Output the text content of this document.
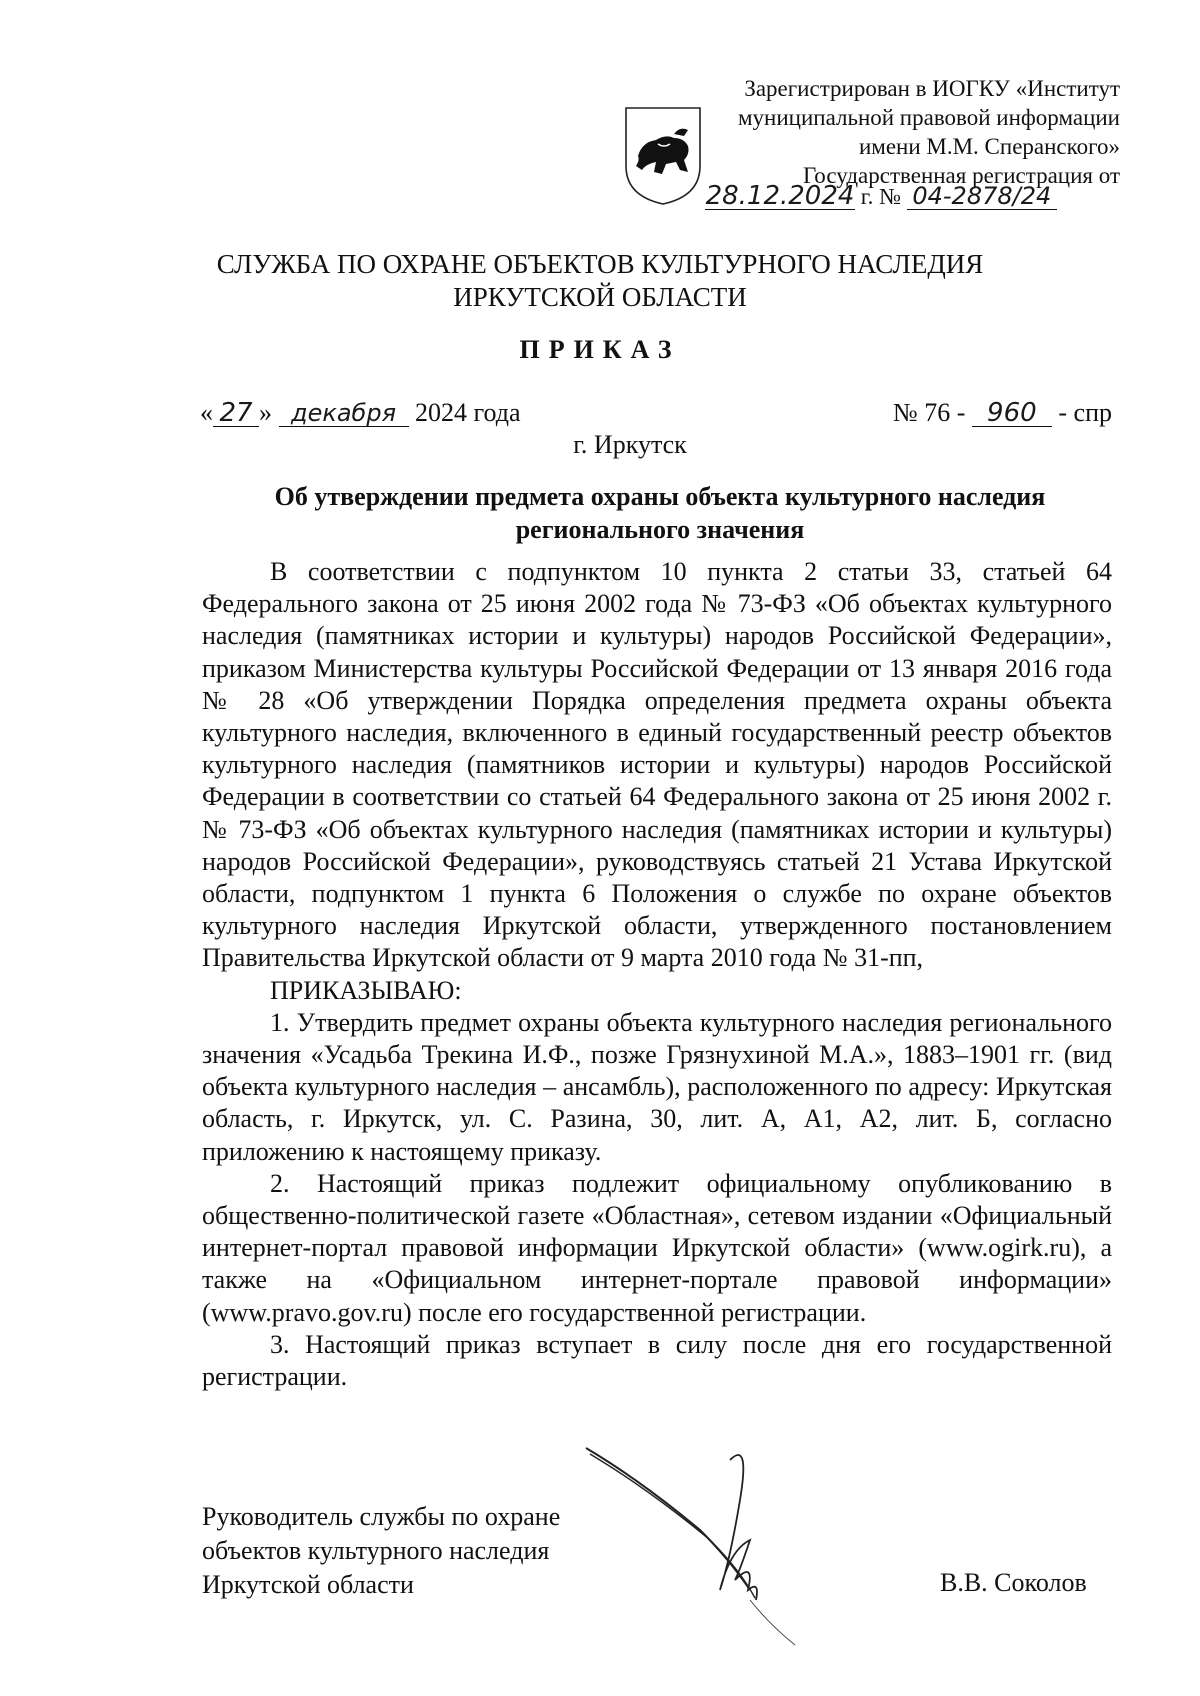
Зарегистрирован в ИОГКУ «Институт
муниципальной правовой информации
имени М.М. Сперанского»
Государственная регистрация от
28.12.2024 г. № 04-2878/24
СЛУЖБА ПО ОХРАНЕ ОБЪЕКТОВ КУЛЬТУРНОГО НАСЛЕДИЯ
ИРКУТСКОЙ ОБЛАСТИ
ПРИКАЗ
« 27 » декабря 2024 года	№ 76 - 960 - спр
г. Иркутск
Об утверждении предмета охраны объекта культурного наследия
регионального значения

В соответствии с подпунктом 10 пункта 2 статьи 33, статьей 64 Федерального закона от 25 июня 2002 года № 73-ФЗ «Об объектах культурного наследия (памятниках истории и культуры) народов Российской Федерации», приказом Министерства культуры Российской Федерации от 13 января 2016 года № 28 «Об утверждении Порядка определения предмета охраны объекта культурного наследия, включенного в единый государственный реестр объектов культурного наследия (памятников истории и культуры) народов Российской Федерации в соответствии со статьей 64 Федерального закона от 25 июня 2002 г. № 73-ФЗ «Об объектах культурного наследия (памятниках истории и культуры) народов Российской Федерации», руководствуясь статьей 21 Устава Иркутской области, подпунктом 1 пункта 6 Положения о службе по охране объектов культурного наследия Иркутской области, утвержденного постановлением Правительства Иркутской области от 9 марта 2010 года № 31-пп,

ПРИКАЗЫВАЮ:

1. Утвердить предмет охраны объекта культурного наследия регионального значения «Усадьба Трекина И.Ф., позже Грязнухиной М.А.», 1883–1901 гг. (вид объекта культурного наследия – ансамбль), расположенного по адресу: Иркутская область, г. Иркутск, ул. С. Разина, 30, лит. А, А1, А2, лит. Б, согласно приложению к настоящему приказу.

2. Настоящий приказ подлежит официальному опубликованию в общественно-политической газете «Областная», сетевом издании «Официальный интернет-портал правовой информации Иркутской области» (www.ogirk.ru), а также на «Официальном интернет-портале правовой информации» (www.pravo.gov.ru) после его государственной регистрации.

3. Настоящий приказ вступает в силу после дня его государственной регистрации.

Руководитель службы по охране
объектов культурного наследия
Иркутской области	В.В. Соколов
